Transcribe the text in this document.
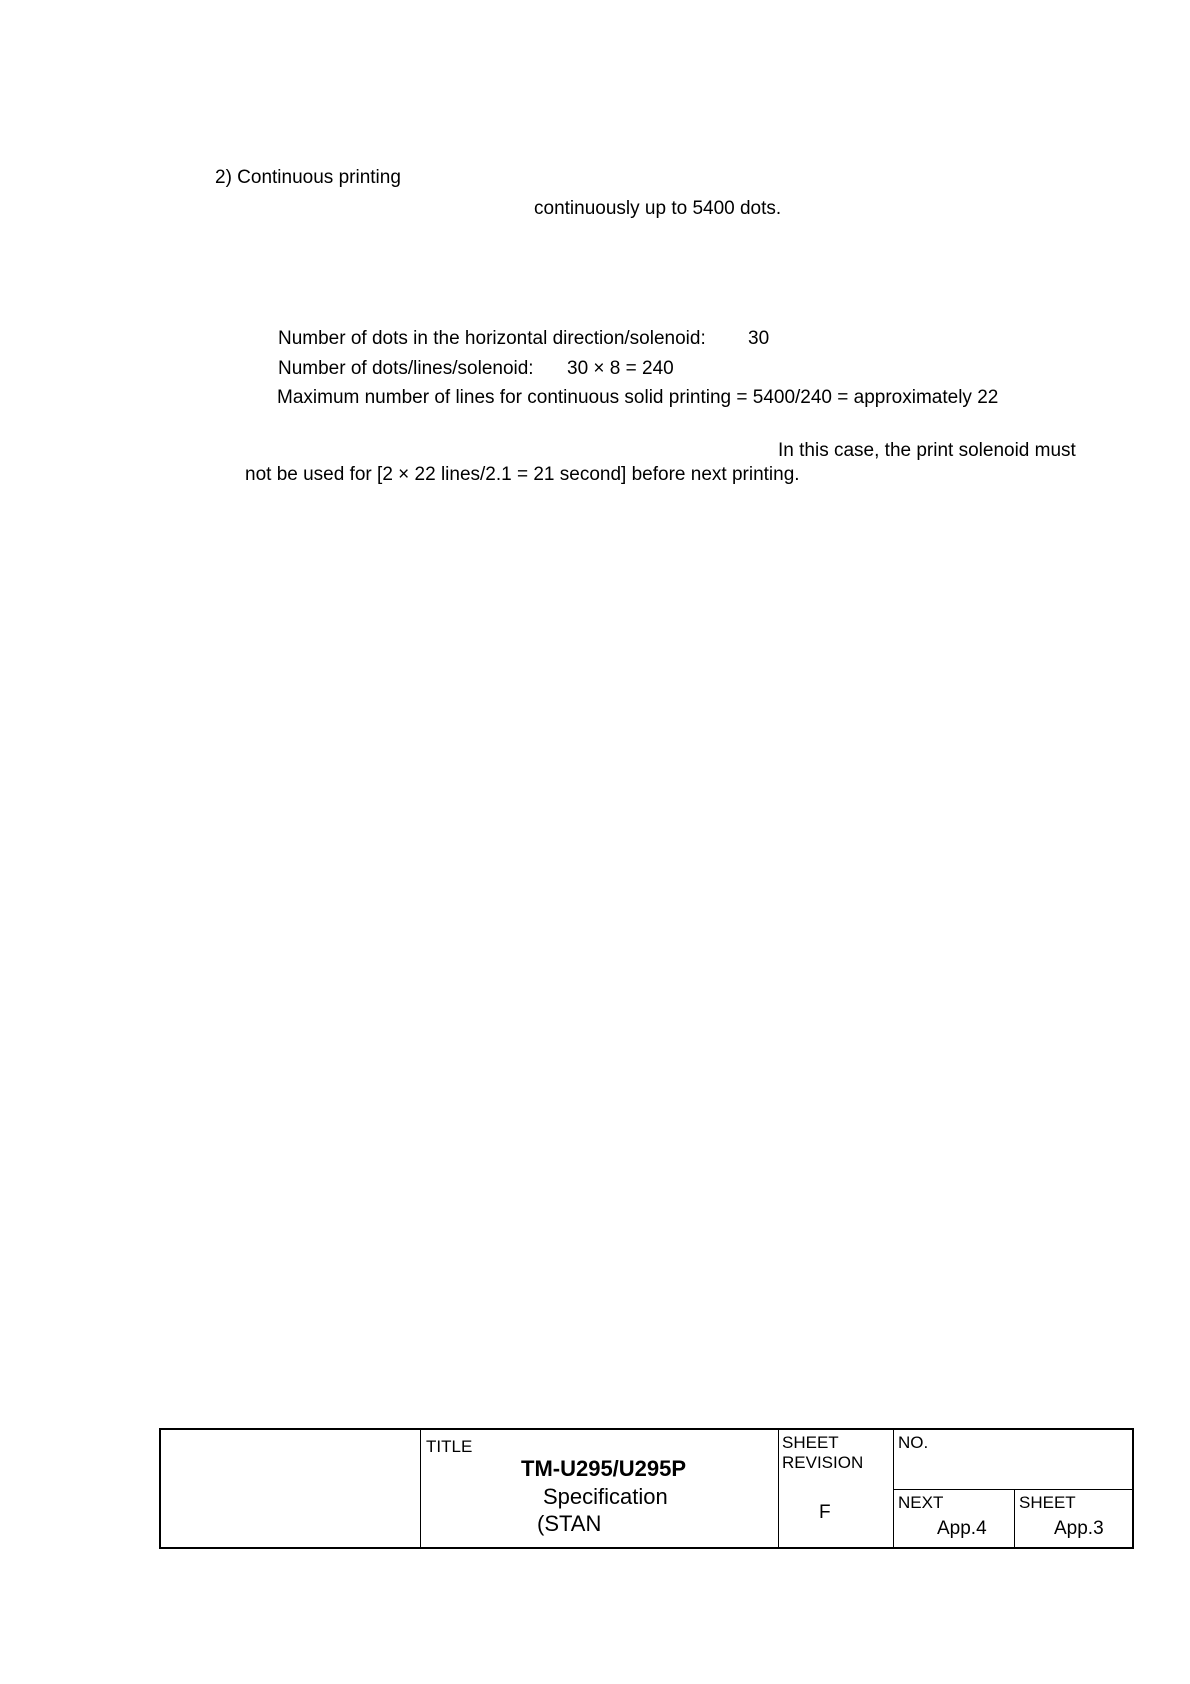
2) Continuous printing
continuously up to 5400 dots.
Number of dots in the horizontal direction/solenoid: 30
Number of dots/lines/solenoid: 30 × 8 = 240
Maximum number of lines for continuous solid printing = 5400/240 = approximately 22
In this case, the print solenoid must
not be used for [2 × 22 lines/2.1 = 21 second] before next printing.
TITLE
TM-U295/U295P
Specification
(STAN
SHEET
REVISION
F
NO.
NEXT
App.4
SHEET
App.3
